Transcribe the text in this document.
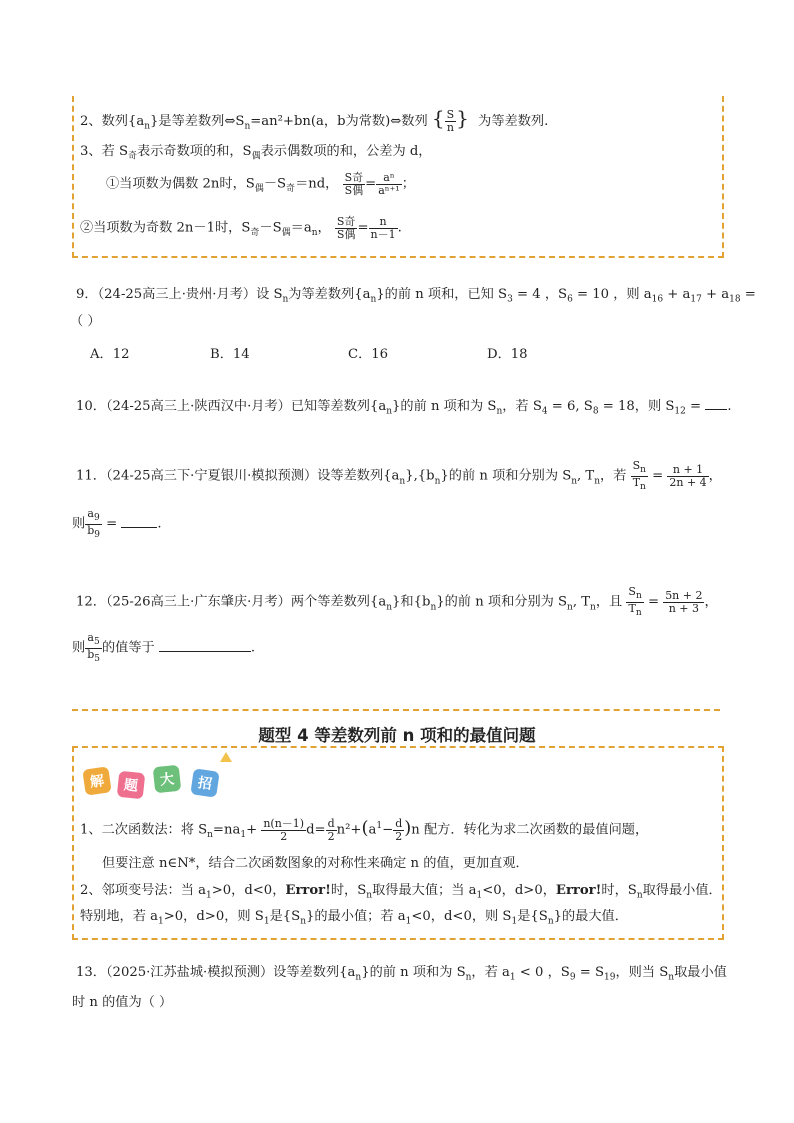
2、数列$\{a_n\}$是等差数列$\Leftrightarrow S_n=an^2+bn(a$，b为常数)⇔数列 { $\frac{S}{n}$ } 为等差数列.
3、若 $S_奇$表示奇数项的和，$S_偶$表示偶数项的和，公差为 d，
①当项数为偶数 2n时，$S_偶-S_奇=nd$， $\frac{\text{S奇}}{\text{S偶}} = \frac{\text{aⁿ}}{\text{aⁿ⁺¹}}$ ；
②当项数为奇数 2n－1时，$S_奇-S_偶=a_n$， $\frac{\text{S奇}}{\text{S偶}} = \frac{n}{n-1}$ .
9．（24-25高三上·贵州·月考）设 $S_n$为等差数列$\{a_n\}$的前 n 项和，已知 $S_3 = 4$ ，$S_6 = 10$ ，则 $a_{16} + a_{17} + a_{18}$ =
（ ）
A．12	B．14	C．16	D．18
10．（24-25高三上·陕西汉中·月考）已知等差数列$\{a_n\}$的前 n 项和为 $S_n$，若 $S_4 = 6$, $S_8 = 18$，则 $S_{12}$ = .
11．（24-25高三下·宁夏银川·模拟预测）设等差数列$\{a_n\},\{b_n\}$的前 n 项和分别为 $S_n$, $T_n$，若 $\frac{S_n}{T_n} = \frac{n + 1}{2n + 4}$ ，
则 $\frac{a_9}{b_9}$ =	.
12．（25-26高三上·广东肇庆·月考）两个等差数列$\{a_n\}$和$\{b_n\}$的前 n 项和分别为 $S_n$, $T_n$，且 $\frac{S_n}{T_n} = \frac{5n + 2}{n + 3}$ ，
则 $\frac{a_5}{b_5}$ 的值等于	.
题型 4 等差数列前 n 项和的最值问题
解	题	大	招
1、二次函数法：将 $S_n=na_1+ \frac{n(n-1)}{2} d= \frac{d}{2} n^2+(a^1- \frac{d}{2} )n$ 配方．转化为求二次函数的最值问题，
但要注意 n∈N*，结合二次函数图象的对称性来确定 n 的值，更加直观．
2、邻项变号法：当 $a_1>0$，d<0，Error!时，$S_n$取得最大值；当 $a_1<0$，d>0，Error!时，$S_n$取得最小值．
特别地，若 $a_1>0$，d>0，则 $S_1$是$\{S_n\}$的最小值；若 $a_1<0$，d<0，则 $S_1$是$\{S_n\}$的最大值．
13．（2025·江苏盐城·模拟预测）设等差数列$\{a_n\}$的前 n 项和为 $S_n$，若 $a_1 < 0$ ，$S_9 = S_{19}$，则当 $S_n$取最小值
时 n 的值为（ ）
